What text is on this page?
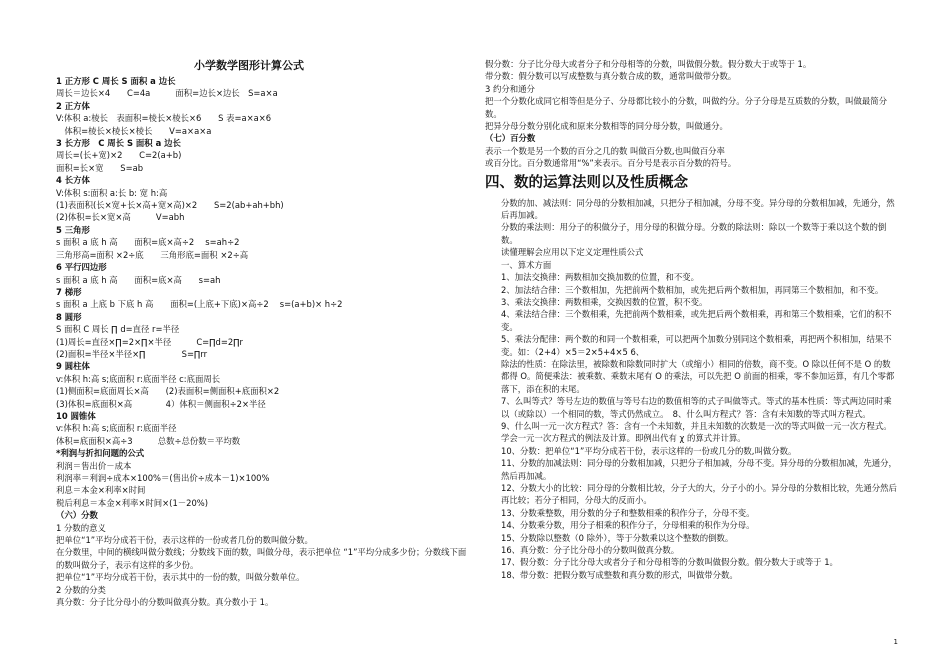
小学数学图形计算公式
1 正方形 C 周长 S 面积 a 边长
周长＝边长×4　　C=4a　　　面积=边长×边长　S=a×a
2 正方体
V:体积 a:棱长　表面积=棱长×棱长×6　　S 表=a×a×6
　体积=棱长×棱长×棱长　　V=a×a×a
3 长方形　C 周长 S 面积 a 边长
周长=(长+宽)×2　　C=2(a+b)
面积=长×宽　　S=ab
4 长方体
V:体积 s:面积 a:长 b: 宽 h:高
(1)表面积(长×宽+长×高+宽×高)×2　　S=2(ab+ah+bh)
(2)体积=长×宽×高　　　V=abh
5 三角形
s 面积 a 底 h 高　　面积=底×高÷2　 s=ah÷2
三角形高=面积 ×2÷底　　三角形底=面积 ×2÷高
6 平行四边形
s 面积 a 底 h 高　　面积=底×高　　s=ah
7 梯形
s 面积 a 上底 b 下底 h 高　　面积=(上底+下底)×高÷2　 s=(a+b)× h÷2
8 圆形
S 面积 C 周长 ∏ d=直径 r=半径
(1)周长=直径×∏=2×∏×半径　　　C=∏d=2∏r
(2)面积=半径×半径×∏　　　　 S=∏rr
9 圆柱体
v:体积 h:高 s;底面积 r:底面半径 c:底面周长
(1)侧面积=底面周长×高　　(2)表面积=侧面积+底面积×2
(3)体积=底面积×高　　　　4）体积＝侧面积÷2×半径
10 圆锥体
v:体积 h:高 s;底面积 r:底面半径
体积=底面积×高÷3　　　总数÷总份数＝平均数
*利润与折扣问题的公式
利润＝售出价－成本
利润率＝利润÷成本×100%＝(售出价÷成本－1)×100%
利息＝本金×利率×时间
税后利息＝本金×利率×时间×(1－20%)
（六）分数
1 分数的意义
把单位“1”平均分成若干份，表示这样的一份或者几份的数叫做分数。
在分数里，中间的横线叫做分数线；分数线下面的数，叫做分母，表示把单位 “1”平均分成多少份；分数线下面的数叫做分子，表示有这样的多少份。
把单位“1”平均分成若干份，表示其中的一份的数，叫做分数单位。
2 分数的分类
真分数：分子比分母小的分数叫做真分数。真分数小于 1。
假分数：分子比分母大或者分子和分母相等的分数，叫做假分数。假分数大于或等于 1。
带分数：假分数可以写成整数与真分数合成的数，通常叫做带分数。
3 约分和通分
把一个分数化成同它相等但是分子、分母都比较小的分数，叫做约分。分子分母是互质数的分数，叫做最简分数。
把异分母分数分别化成和原来分数相等的同分母分数，叫做通分。
（七）百分数
表示一个数是另一个数的百分之几的数 叫做百分数,也叫做百分率
或百分比。百分数通常用“%”来表示。百分号是表示百分数的符号。
四、数的运算法则以及性质概念
分数的加、减法则：同分母的分数相加减，只把分子相加减，分母不变。异分母的分数相加减，先通分，然后再加减。
分数的乘法则：用分子的积做分子，用分母的积做分母。分数的除法则：除以一个数等于乘以这个数的倒数。
读懂理解会应用以下定义定理性质公式
一、算术方面
1、加法交换律：两数相加交换加数的位置，和不变。
2、加法结合律：三个数相加，先把前两个数相加，或先把后两个数相加，再同第三个数相加，和不变。
3、乘法交换律：两数相乘，交换因数的位置，积不变。
4、乘法结合律：三个数相乘，先把前两个数相乘，或先把后两个数相乘，再和第三个数相乘，它们的积不变。
5、乘法分配律：两个数的和同一个数相乘，可以把两个加数分别同这个数相乘，再把两个积相加，结果不变。如：（2+4）×5＝2×5+4×5 6、
除法的性质：在除法里，被除数和除数同时扩大（或缩小）相同的倍数，商不变。O 除以任何不是 O 的数都得 O。简便乘法：被乘数、乘数末尾有 O 的乘法，可以先把 O 前面的相乘，零不参加运算，有几个零都落下，添在积的末尾。
7、么叫等式？等号左边的数值与等号右边的数值相等的式子叫做等式。等式的基本性质：等式两边同时乘以（或除以）一个相同的数，等式仍然成立。　8、什么叫方程式？答：含有未知数的等式叫方程式。
9、什么叫一元一次方程式？答：含有一个未知数，并且未知数的次数是一次的等式叫做一元一次方程式。　学会一元一次方程式的例法及计算。即例出代有 χ 的算式并计算。
10、分数：把单位“1”平均分成若干份，表示这样的一份或几分的数,叫做分数。
11、分数的加减法则：同分母的分数相加减，只把分子相加减，分母不变。异分母的分数相加减，先通分，然后再加减。
12、分数大小的比较：同分母的分数相比较，分子大的大，分子小的小。异分母的分数相比较，先通分然后再比较；若分子相同，分母大的反而小。
13、分数乘整数，用分数的分子和整数相乘的积作分子，分母不变。
14、分数乘分数，用分子相乘的积作分子，分母相乘的积作为分母。
15、分数除以整数（0 除外），等于分数乘以这个整数的倒数。
16、真分数：分子比分母小的分数叫做真分数。
17、假分数：分子比分母大或者分子和分母相等的分数叫做假分数。假分数大于或等于 1。
18、带分数：把假分数写成整数和真分数的形式，叫做带分数。
1
